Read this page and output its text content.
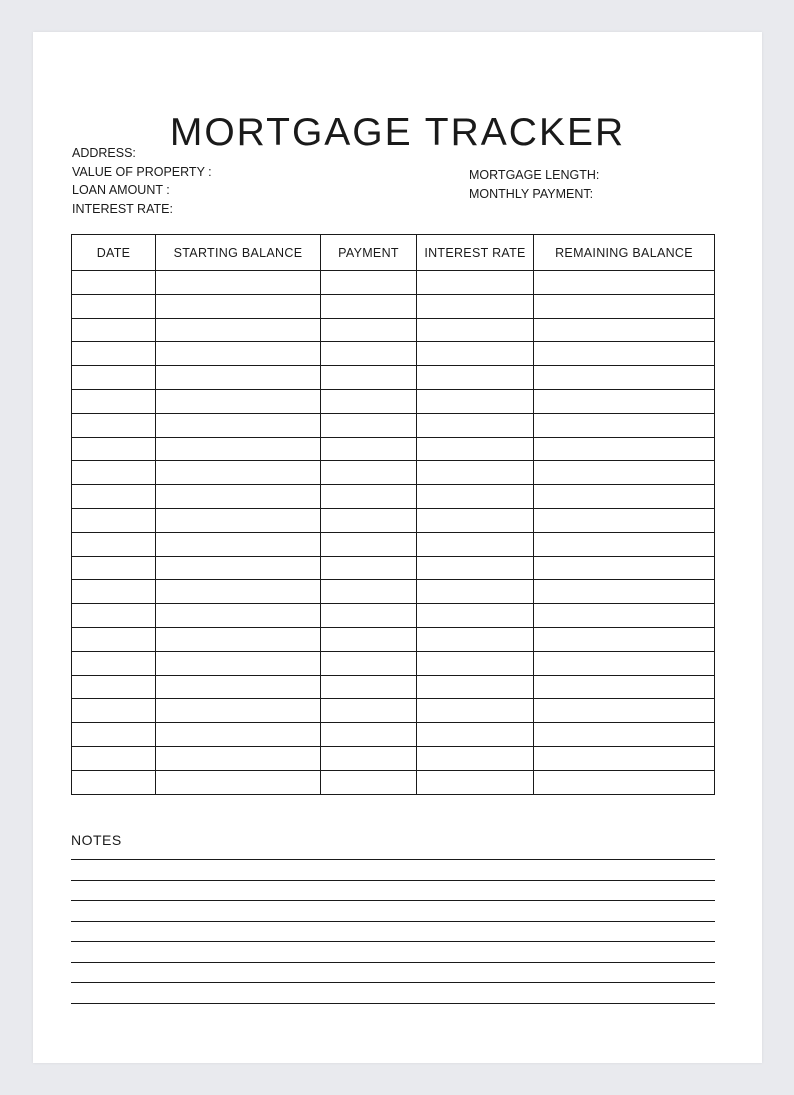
MORTGAGE TRACKER
ADDRESS:
VALUE OF PROPERTY :
LOAN AMOUNT :
INTEREST RATE:
MORTGAGE LENGTH:
MONTHLY PAYMENT:
DATE	STARTING BALANCE	PAYMENT	INTEREST RATE	REMAINING BALANCE

NOTES
